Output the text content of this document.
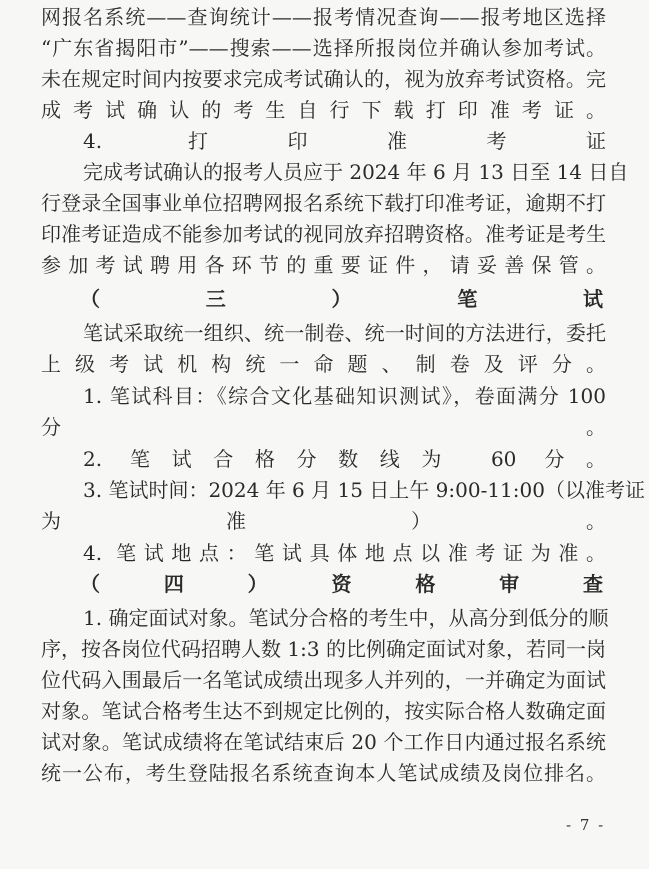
网报名系统——查询统计——报考情况查询——报考地区选择
“广东省揭阳市”——搜索——选择所报岗位并确认参加考试。
未在规定时间内按要求完成考试确认的，视为放弃考试资格。完
成考试确认的考生自行下载打印准考证。
4. 打印准考证
完成考试确认的报考人员应于 2024 年 6 月 13 日至 14 日自
行登录全国事业单位招聘网报名系统下载打印准考证，逾期不打
印准考证造成不能参加考试的视同放弃招聘资格。准考证是考生
参加考试聘用各环节的重要证件，请妥善保管。
（三）笔试
笔试采取统一组织、统一制卷、统一时间的方法进行，委托
上级考试机构统一命题、制卷及评分。
1. 笔试科目：《综合文化基础知识测试》，卷面满分 100
分。
2. 笔试合格分数线为 60 分。
3. 笔试时间：2024 年 6 月 15 日上午 9:00-11:00（以准考证
为准）。
4. 笔试地点：笔试具体地点以准考证为准。
（四）资格审查
1. 确定面试对象。笔试分合格的考生中，从高分到低分的顺
序，按各岗位代码招聘人数 1:3 的比例确定面试对象，若同一岗
位代码入围最后一名笔试成绩出现多人并列的，一并确定为面试
对象。笔试合格考生达不到规定比例的，按实际合格人数确定面
试对象。笔试成绩将在笔试结束后 20 个工作日内通过报名系统
统一公布，考生登陆报名系统查询本人笔试成绩及岗位排名。
- 7 -
